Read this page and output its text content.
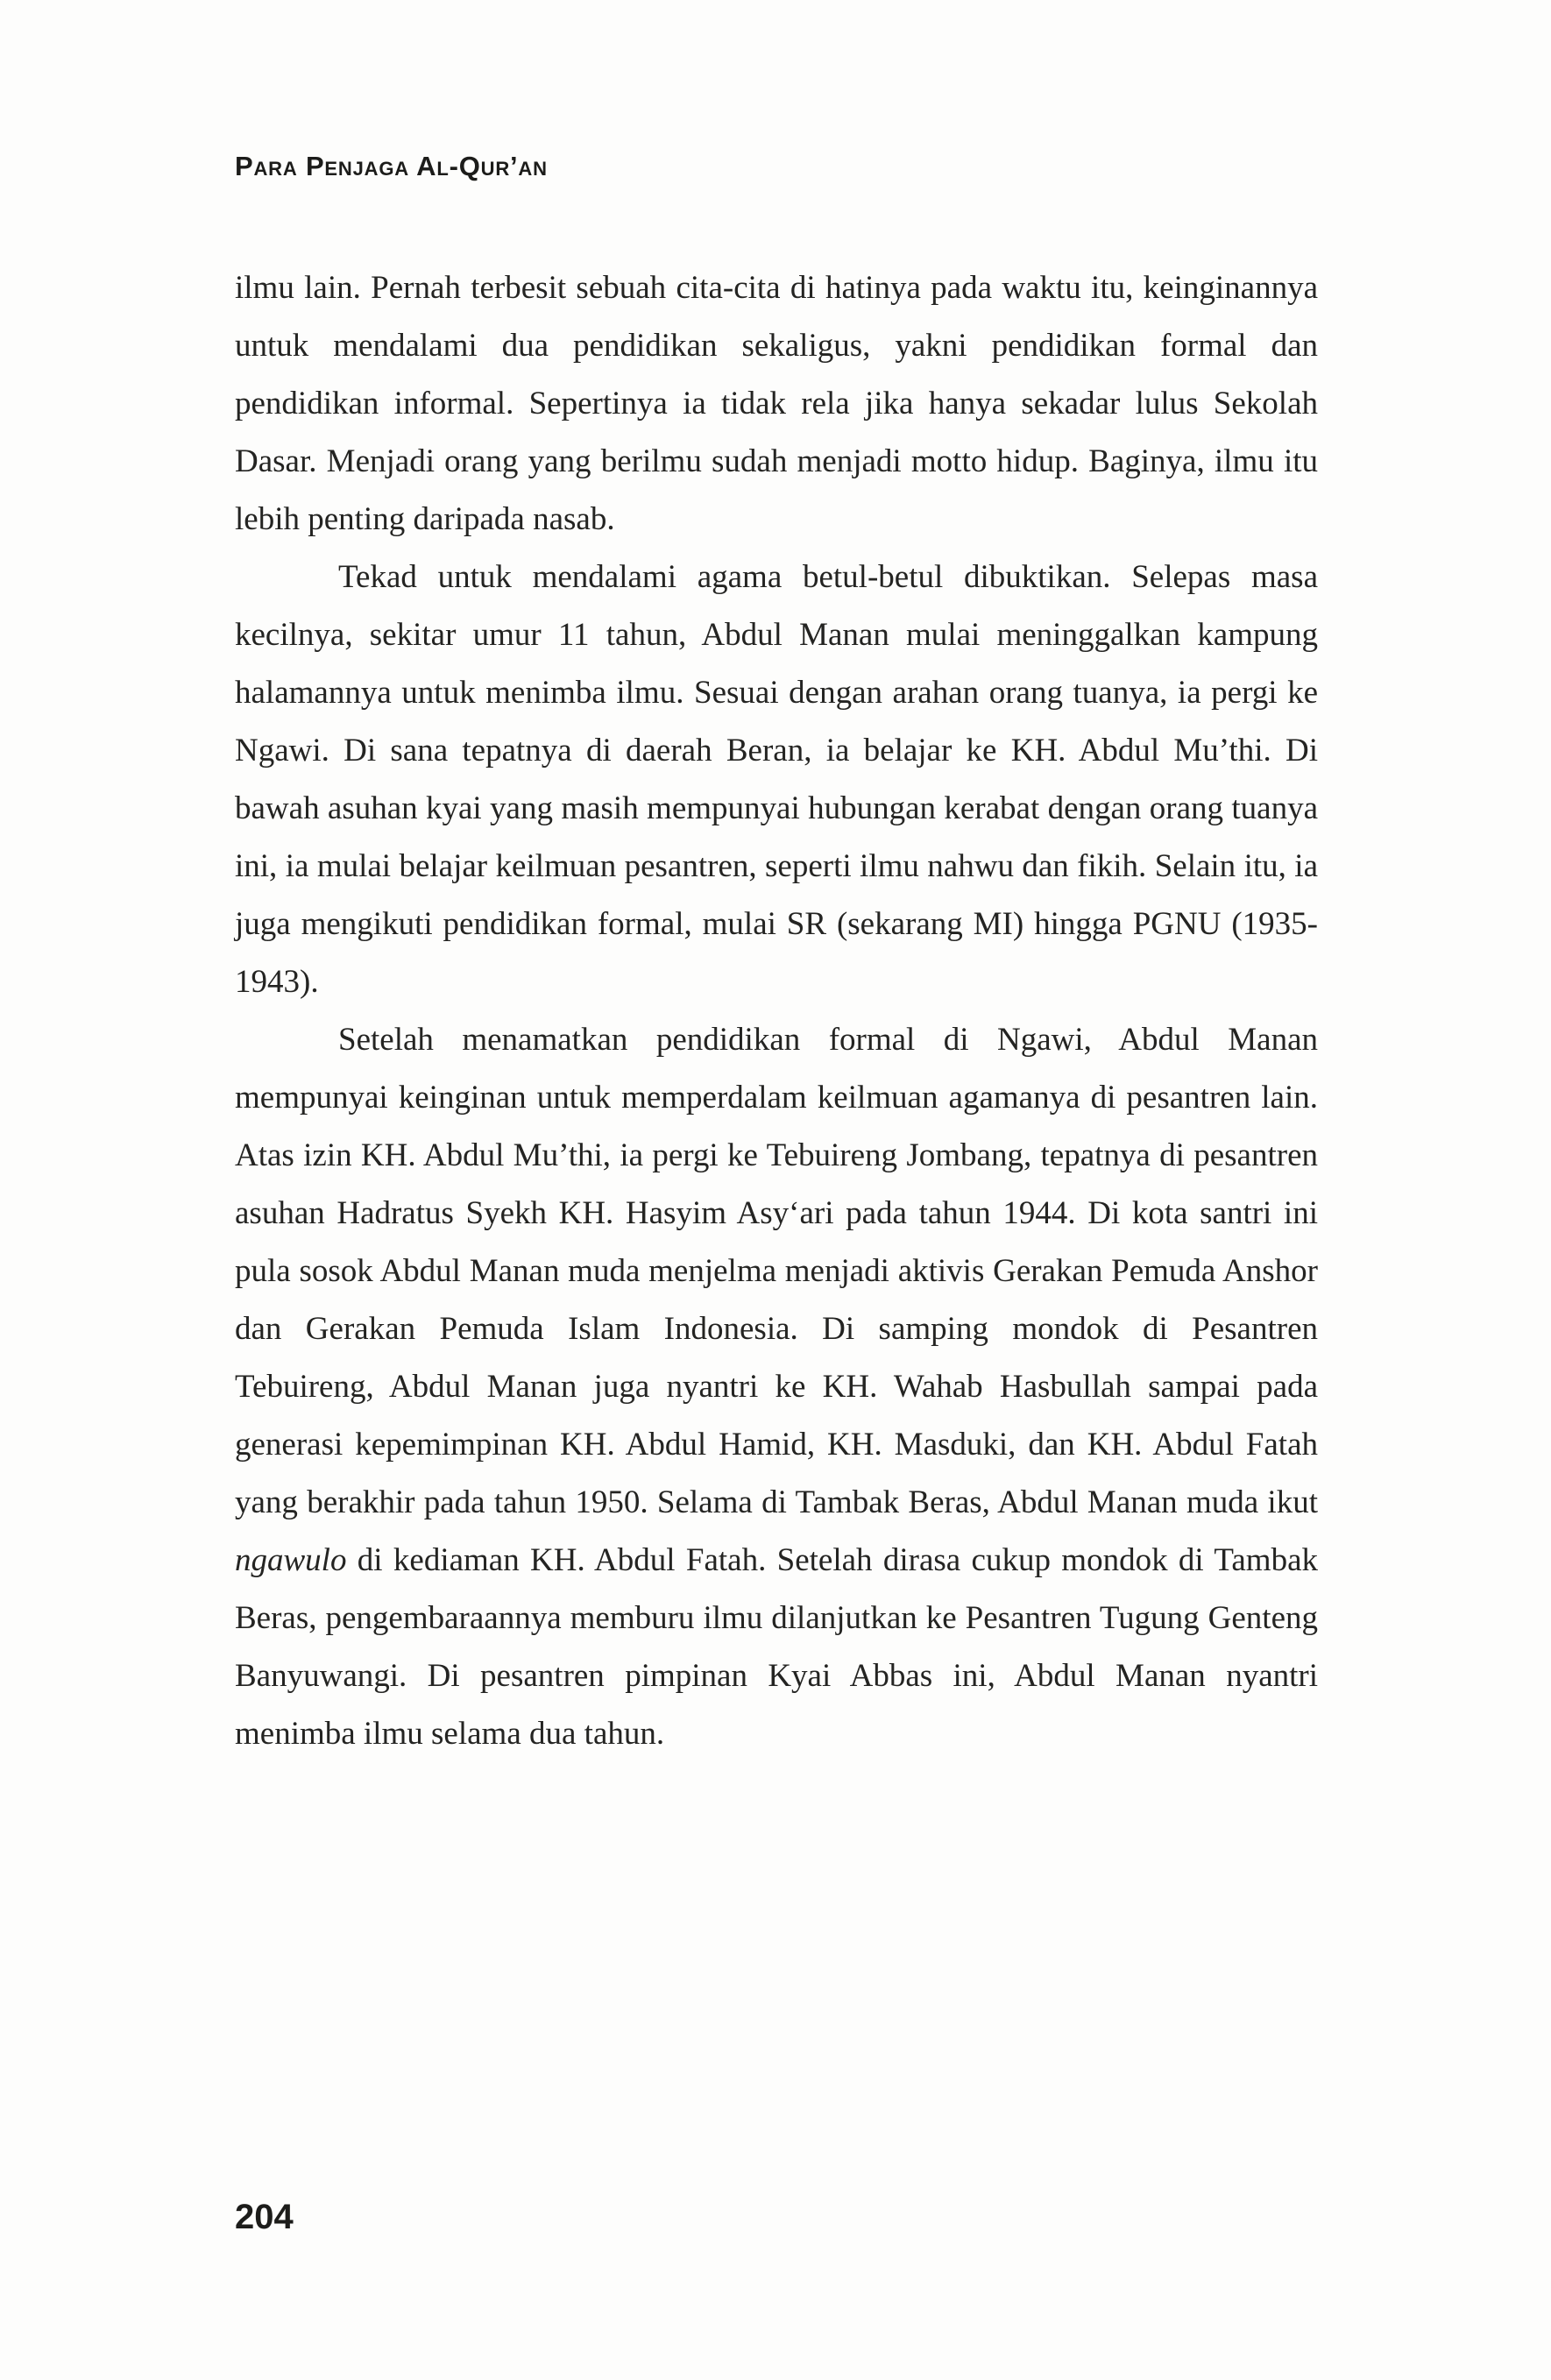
Para Penjaga Al-Qur’an

ilmu lain. Pernah terbesit sebuah cita-cita di hatinya pada waktu itu, keinginannya untuk mendalami dua pendidikan sekaligus, yakni pendidikan formal dan pendidikan informal. Sepertinya ia tidak rela jika hanya sekadar lulus Sekolah Dasar. Menjadi orang yang berilmu sudah menjadi motto hidup. Baginya, ilmu itu lebih penting daripada nasab.

Tekad untuk mendalami agama betul-betul dibuktikan. Selepas masa kecilnya, sekitar umur 11 tahun, Abdul Manan mulai meninggalkan kampung halamannya untuk menimba ilmu. Sesuai dengan arahan orang tuanya, ia pergi ke Ngawi. Di sana tepatnya di daerah Beran, ia belajar ke KH. Abdul Mu’thi. Di bawah asuhan kyai yang masih mempunyai hubungan kerabat dengan orang tuanya ini, ia mulai belajar keilmuan pesantren, seperti ilmu nahwu dan fikih. Selain itu, ia juga mengikuti pendidikan formal, mulai SR (sekarang MI) hingga PGNU (1935-1943).

Setelah menamatkan pendidikan formal di Ngawi, Abdul Manan mempunyai keinginan untuk memperdalam keilmuan agamanya di pesantren lain. Atas izin KH. Abdul Mu’thi, ia pergi ke Tebuireng Jombang, tepatnya di pesantren asuhan Hadratus Syekh KH. Hasyim Asy‘ari pada tahun 1944. Di kota santri ini pula sosok Abdul Manan muda menjelma menjadi aktivis Gerakan Pemuda Anshor dan Gerakan Pemuda Islam Indonesia. Di samping mondok di Pesantren Tebuireng, Abdul Manan juga nyantri ke KH. Wahab Hasbullah sampai pada generasi kepemimpinan KH. Abdul Hamid, KH. Masduki, dan KH. Abdul Fatah yang berakhir pada tahun 1950. Selama di Tambak Beras, Abdul Manan muda ikut ngawulo di kediaman KH. Abdul Fatah. Setelah dirasa cukup mondok di Tambak Beras, pengembaraannya memburu ilmu dilanjutkan ke Pesantren Tugung Genteng Banyuwangi. Di pesantren pimpinan Kyai Abbas ini, Abdul Manan nyantri menimba ilmu selama dua tahun.

204
